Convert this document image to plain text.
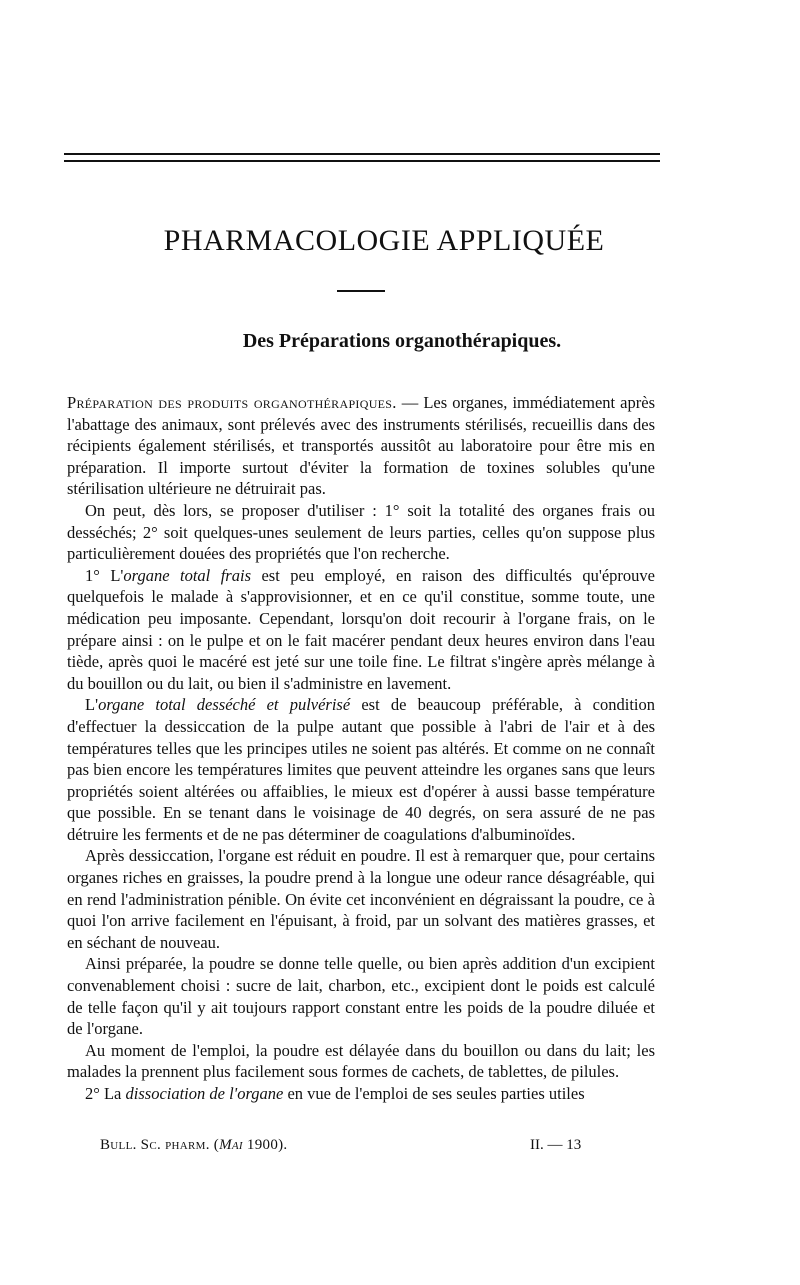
PHARMACOLOGIE APPLIQUÉE
Des Préparations organothérapiques.

Préparation des produits organothérapiques. — Les organes, immédiatement après l'abattage des animaux, sont prélevés avec des instruments stérilisés, recueillis dans des récipients également stérilisés, et transportés aussitôt au laboratoire pour être mis en préparation. Il importe surtout d'éviter la formation de toxines solubles qu'une stérilisation ultérieure ne détruirait pas.

On peut, dès lors, se proposer d'utiliser : 1° soit la totalité des organes frais ou desséchés; 2° soit quelques-unes seulement de leurs parties, celles qu'on suppose plus particulièrement douées des propriétés que l'on recherche.

1° L'organe total frais est peu employé, en raison des difficultés qu'éprouve quelquefois le malade à s'approvisionner, et en ce qu'il constitue, somme toute, une médication peu imposante. Cependant, lorsqu'on doit recourir à l'organe frais, on le prépare ainsi : on le pulpe et on le fait macérer pendant deux heures environ dans l'eau tiède, après quoi le macéré est jeté sur une toile fine. Le filtrat s'ingère après mélange à du bouillon ou du lait, ou bien il s'administre en lavement.

L'organe total desséché et pulvérisé est de beaucoup préférable, à condition d'effectuer la dessiccation de la pulpe autant que possible à l'abri de l'air et à des températures telles que les principes utiles ne soient pas altérés. Et comme on ne connaît pas bien encore les températures limites que peuvent atteindre les organes sans que leurs propriétés soient altérées ou affaiblies, le mieux est d'opérer à aussi basse température que possible. En se tenant dans le voisinage de 40 degrés, on sera assuré de ne pas détruire les ferments et de ne pas déterminer de coagulations d'albuminoïdes.

Après dessiccation, l'organe est réduit en poudre. Il est à remarquer que, pour certains organes riches en graisses, la poudre prend à la longue une odeur rance désagréable, qui en rend l'administration pénible. On évite cet inconvénient en dégraissant la poudre, ce à quoi l'on arrive facilement en l'épuisant, à froid, par un solvant des matières grasses, et en séchant de nouveau.

Ainsi préparée, la poudre se donne telle quelle, ou bien après addition d'un excipient convenablement choisi : sucre de lait, charbon, etc., excipient dont le poids est calculé de telle façon qu'il y ait toujours rapport constant entre les poids de la poudre diluée et de l'organe.

Au moment de l'emploi, la poudre est délayée dans du bouillon ou dans du lait; les malades la prennent plus facilement sous formes de cachets, de tablettes, de pilules.

2° La dissociation de l'organe en vue de l'emploi de ses seules parties utiles

Bull. Sc. pharm. (Mai 1900).	II. — 13
